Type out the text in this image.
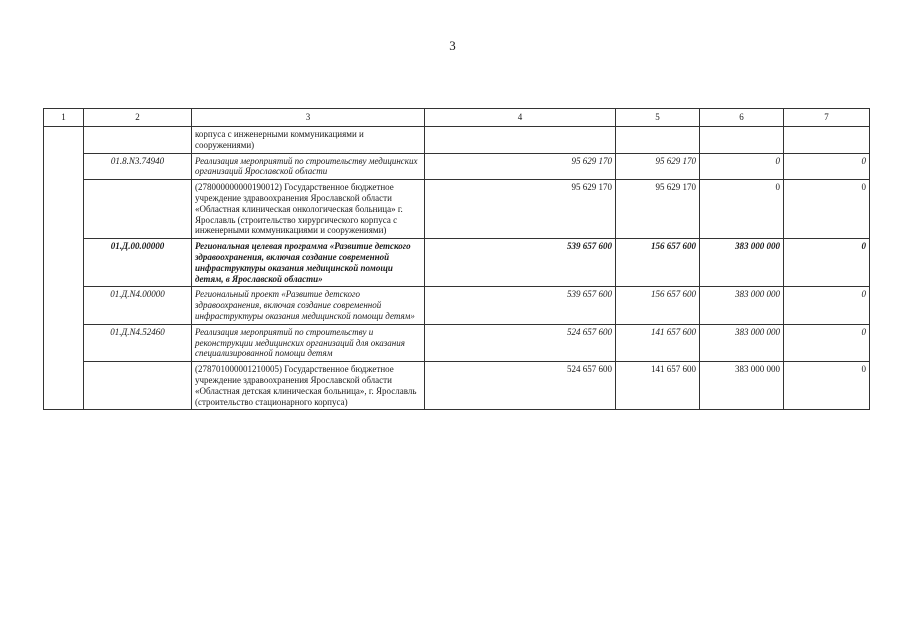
3
1	2	3	4	5	6	7
		корпуса с инженерными коммуникациями и сооружениями)				
	01.8.N3.74940	Реализация мероприятий по строительству медицинских организаций Ярославской области	95 629 170	95 629 170	0	0
		(278000000000190012) Государственное бюджетное учреждение здравоохранения Ярославской области «Областная клиническая онкологическая больница» г. Ярославль (строительство хирургического корпуса с инженерными коммуникациями и сооружениями)	95 629 170	95 629 170	0	0
	01.Д.00.00000	Региональная целевая программа «Развитие детского здравоохранения, включая создание современной инфраструктуры оказания медицинской помощи детям, в Ярославской области»	539 657 600	156 657 600	383 000 000	0
	01.Д.N4.00000	Региональный проект «Развитие детского здравоохранения, включая создание современной инфраструктуры оказания медицинской помощи детям»	539 657 600	156 657 600	383 000 000	0
	01.Д.N4.52460	Реализация мероприятий по строительству и реконструкции медицинских организаций для оказания специализированной помощи детям	524 657 600	141 657 600	383 000 000	0
		(278701000001210005) Государственное бюджетное учреждение здравоохранения Ярославской области «Областная детская клиническая больница», г. Ярославль (строительство стационарного корпуса)	524 657 600	141 657 600	383 000 000	0
